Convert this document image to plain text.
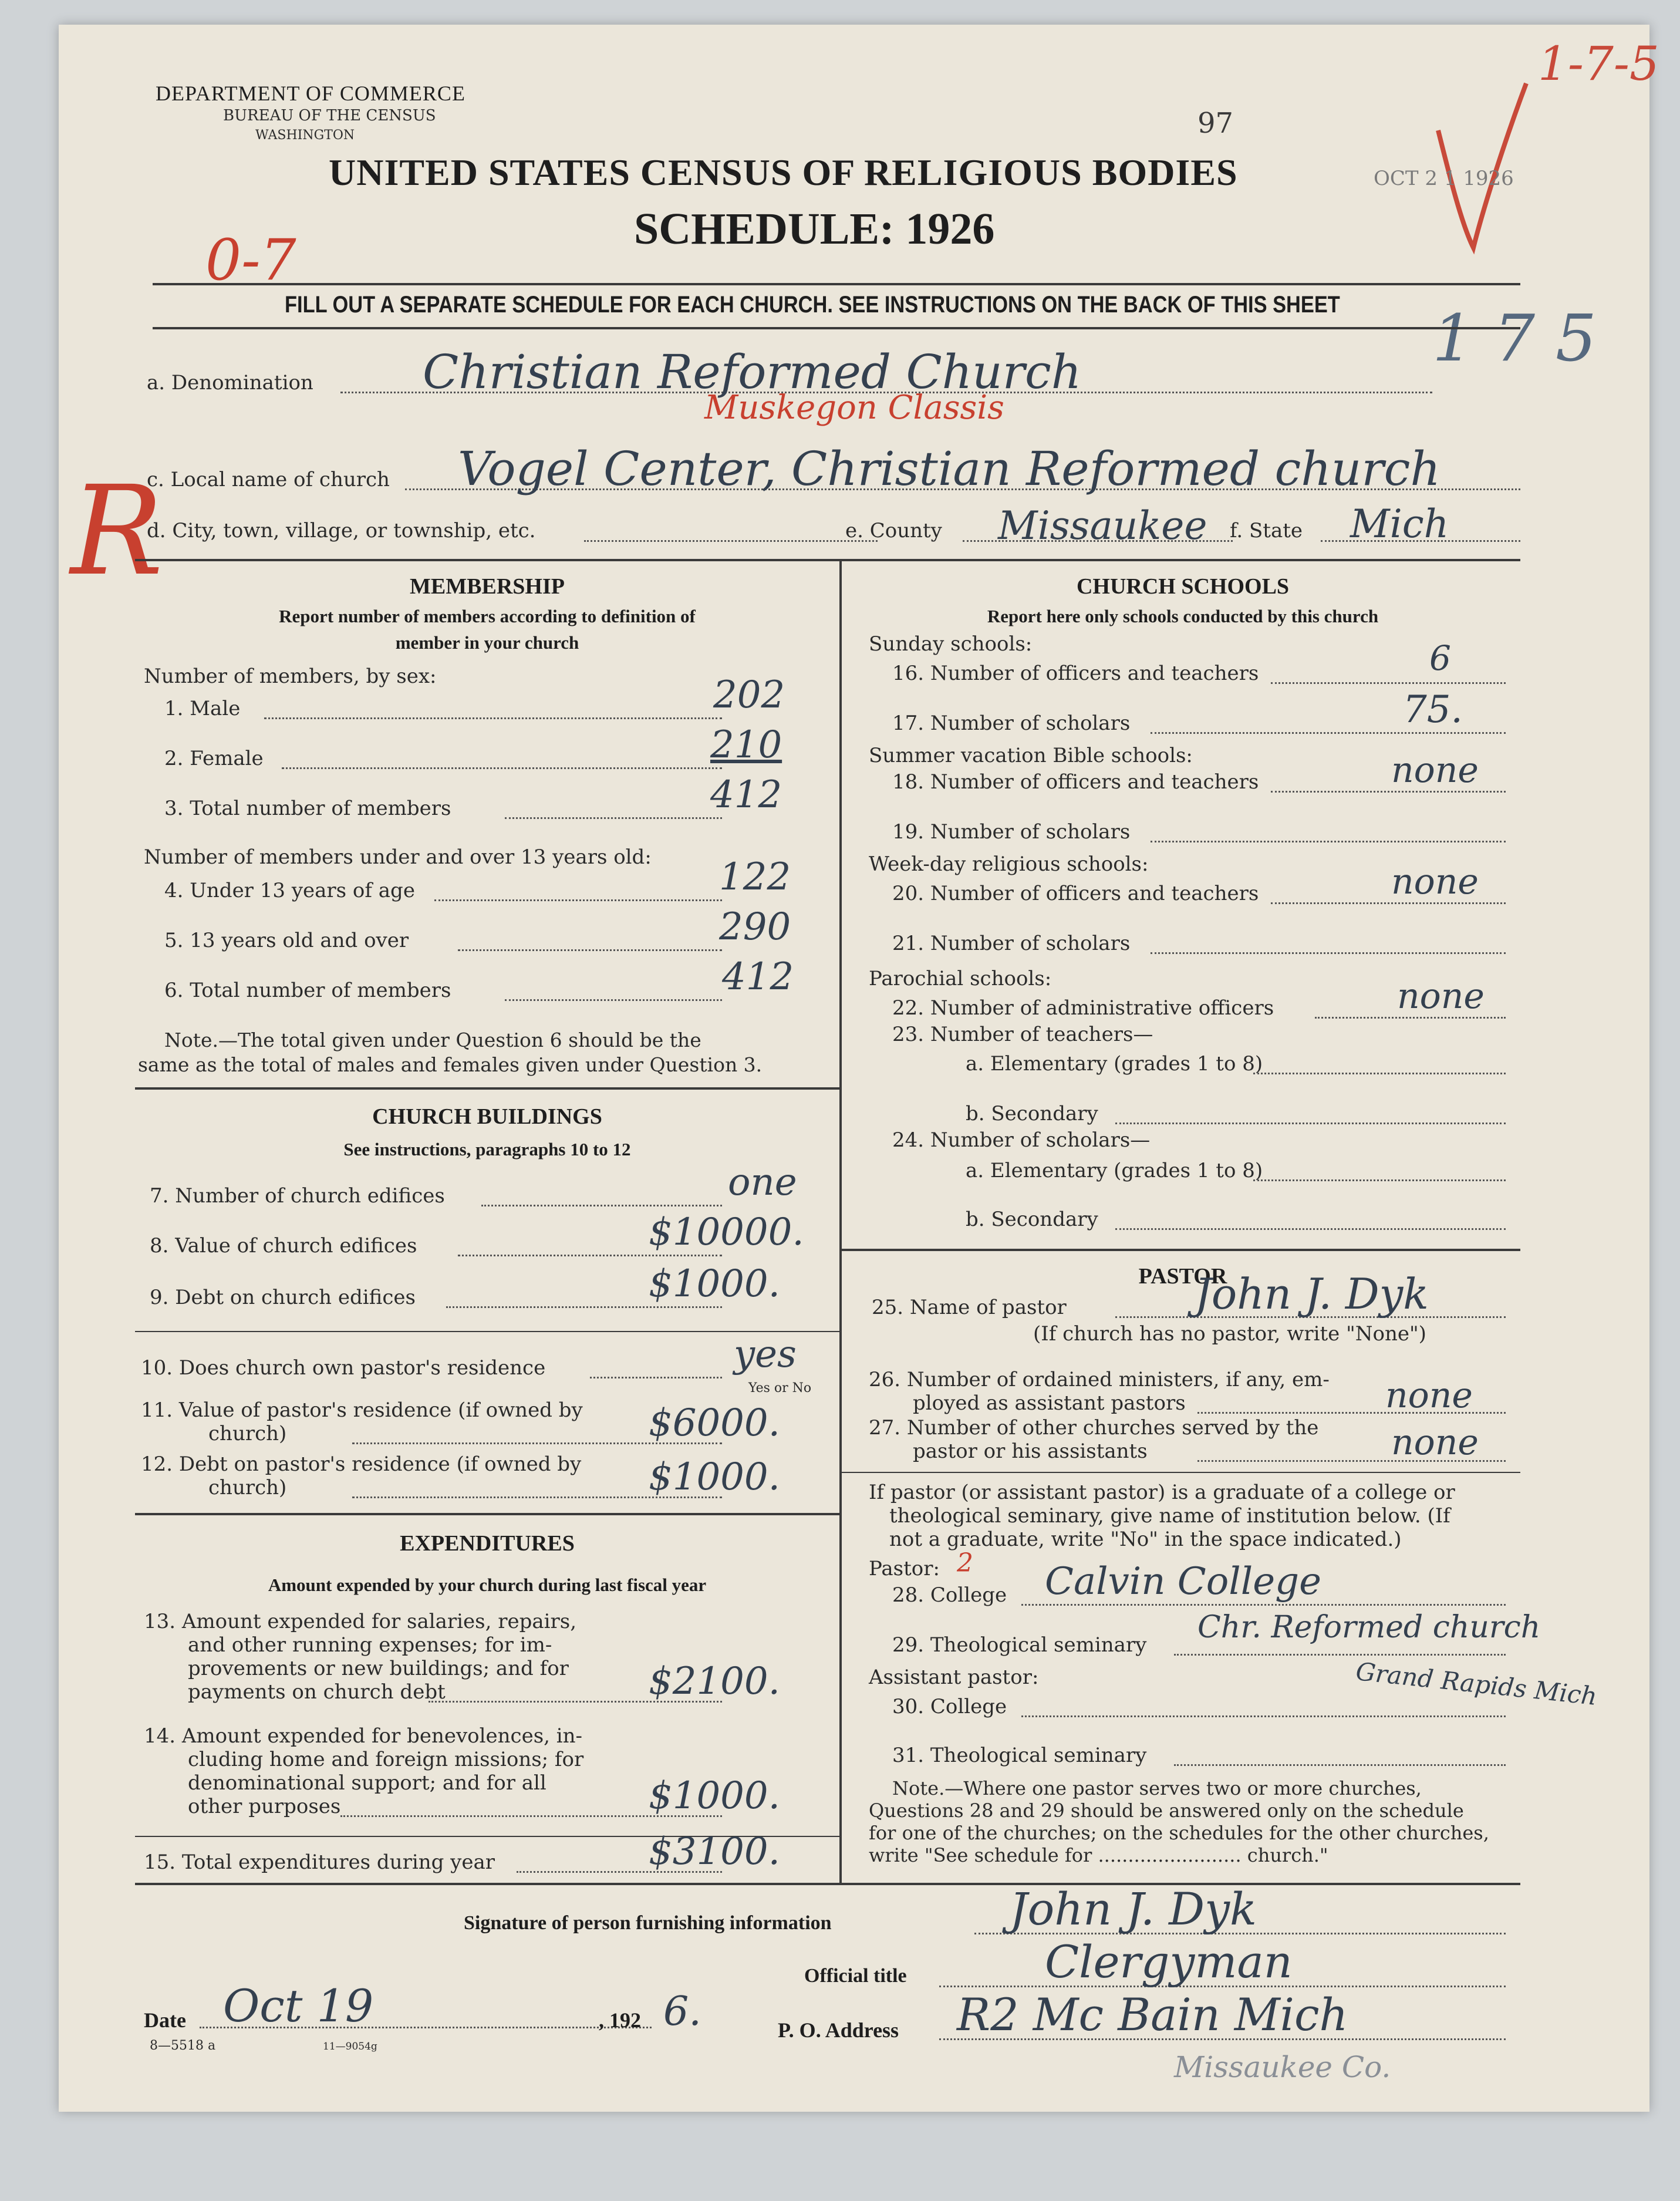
DEPARTMENT OF COMMERCE
BUREAU OF THE CENSUS
WASHINGTON	97
1-7-5
UNITED STATES CENSUS OF RELIGIOUS BODIES	OCT 2 1 1926
SCHEDULE: 1926
0-7
FILL OUT A SEPARATE SCHEDULE FOR EACH CHURCH. SEE INSTRUCTIONS ON THE BACK OF THIS SHEET 1 7 5
a. Denomination Christian Reformed Church
Muskegon Classis
R
c. Local name of church Vogel Center, Christian Reformed church
d. City, town, village, or township, etc.	e. County Missaukee f. State Mich
MEMBERSHIP
Report number of members according to definition of
member in your church
Number of members, by sex:
1. Male	202
2. Female	210
3. Total number of members	412
Number of members under and over 13 years old:
4. Under 13 years of age	122
5. 13 years old and over	290
6. Total number of members	412
Note.—The total given under Question 6 should be the
same as the total of males and females given under Question 3.
CHURCH BUILDINGS
See instructions, paragraphs 10 to 12
7. Number of church edifices	one
8. Value of church edifices	$10000.
9. Debt on church edifices	$1000.
10. Does church own pastor's residence	yes
Yes or No
11. Value of pastor's residence (if owned by
church)	$6000.
12. Debt on pastor's residence (if owned by
church)	$1000.
EXPENDITURES
Amount expended by your church during last fiscal year
13. Amount expended for salaries, repairs,
and other running expenses; for im-
provements or new buildings; and for
payments on church debt	$2100.
14. Amount expended for benevolences, in-
cluding home and foreign missions; for
denominational support; and for all
other purposes	$1000.
15. Total expenditures during year	$3100.
CHURCH SCHOOLS
Report here only schools conducted by this church
Sunday schools:
16. Number of officers and teachers	6
17. Number of scholars	75.
Summer vacation Bible schools:
18. Number of officers and teachers	none
19. Number of scholars
Week-day religious schools:
20. Number of officers and teachers	none
21. Number of scholars
Parochial schools:
22. Number of administrative officers	none
23. Number of teachers—
a. Elementary (grades 1 to 8)
b. Secondary
24. Number of scholars—
a. Elementary (grades 1 to 8)
b. Secondary
PASTOR
25. Name of pastor	John J. Dyk
(If church has no pastor, write "None")
26. Number of ordained ministers, if any, em-
ployed as assistant pastors	none
27. Number of other churches served by the
pastor or his assistants	none
If pastor (or assistant pastor) is a graduate of a college or
theological seminary, give name of institution below. (If
not a graduate, write "No" in the space indicated.)
Pastor: 2
28. College Calvin College
29. Theological seminary Chr. Reformed church
Grand Rapids Mich
Assistant pastor:
30. College
31. Theological seminary
Note.—Where one pastor serves two or more churches,
Questions 28 and 29 should be answered only on the schedule
for one of the churches; on the schedules for the other churches,
write "See schedule for ........................ church."
Signature of person furnishing information	John J. Dyk
Official title	Clergyman
Date Oct 19	, 192 6.	P. O. Address R2 Mc Bain Mich
8—5518 a	11—9054g
Missaukee Co.
